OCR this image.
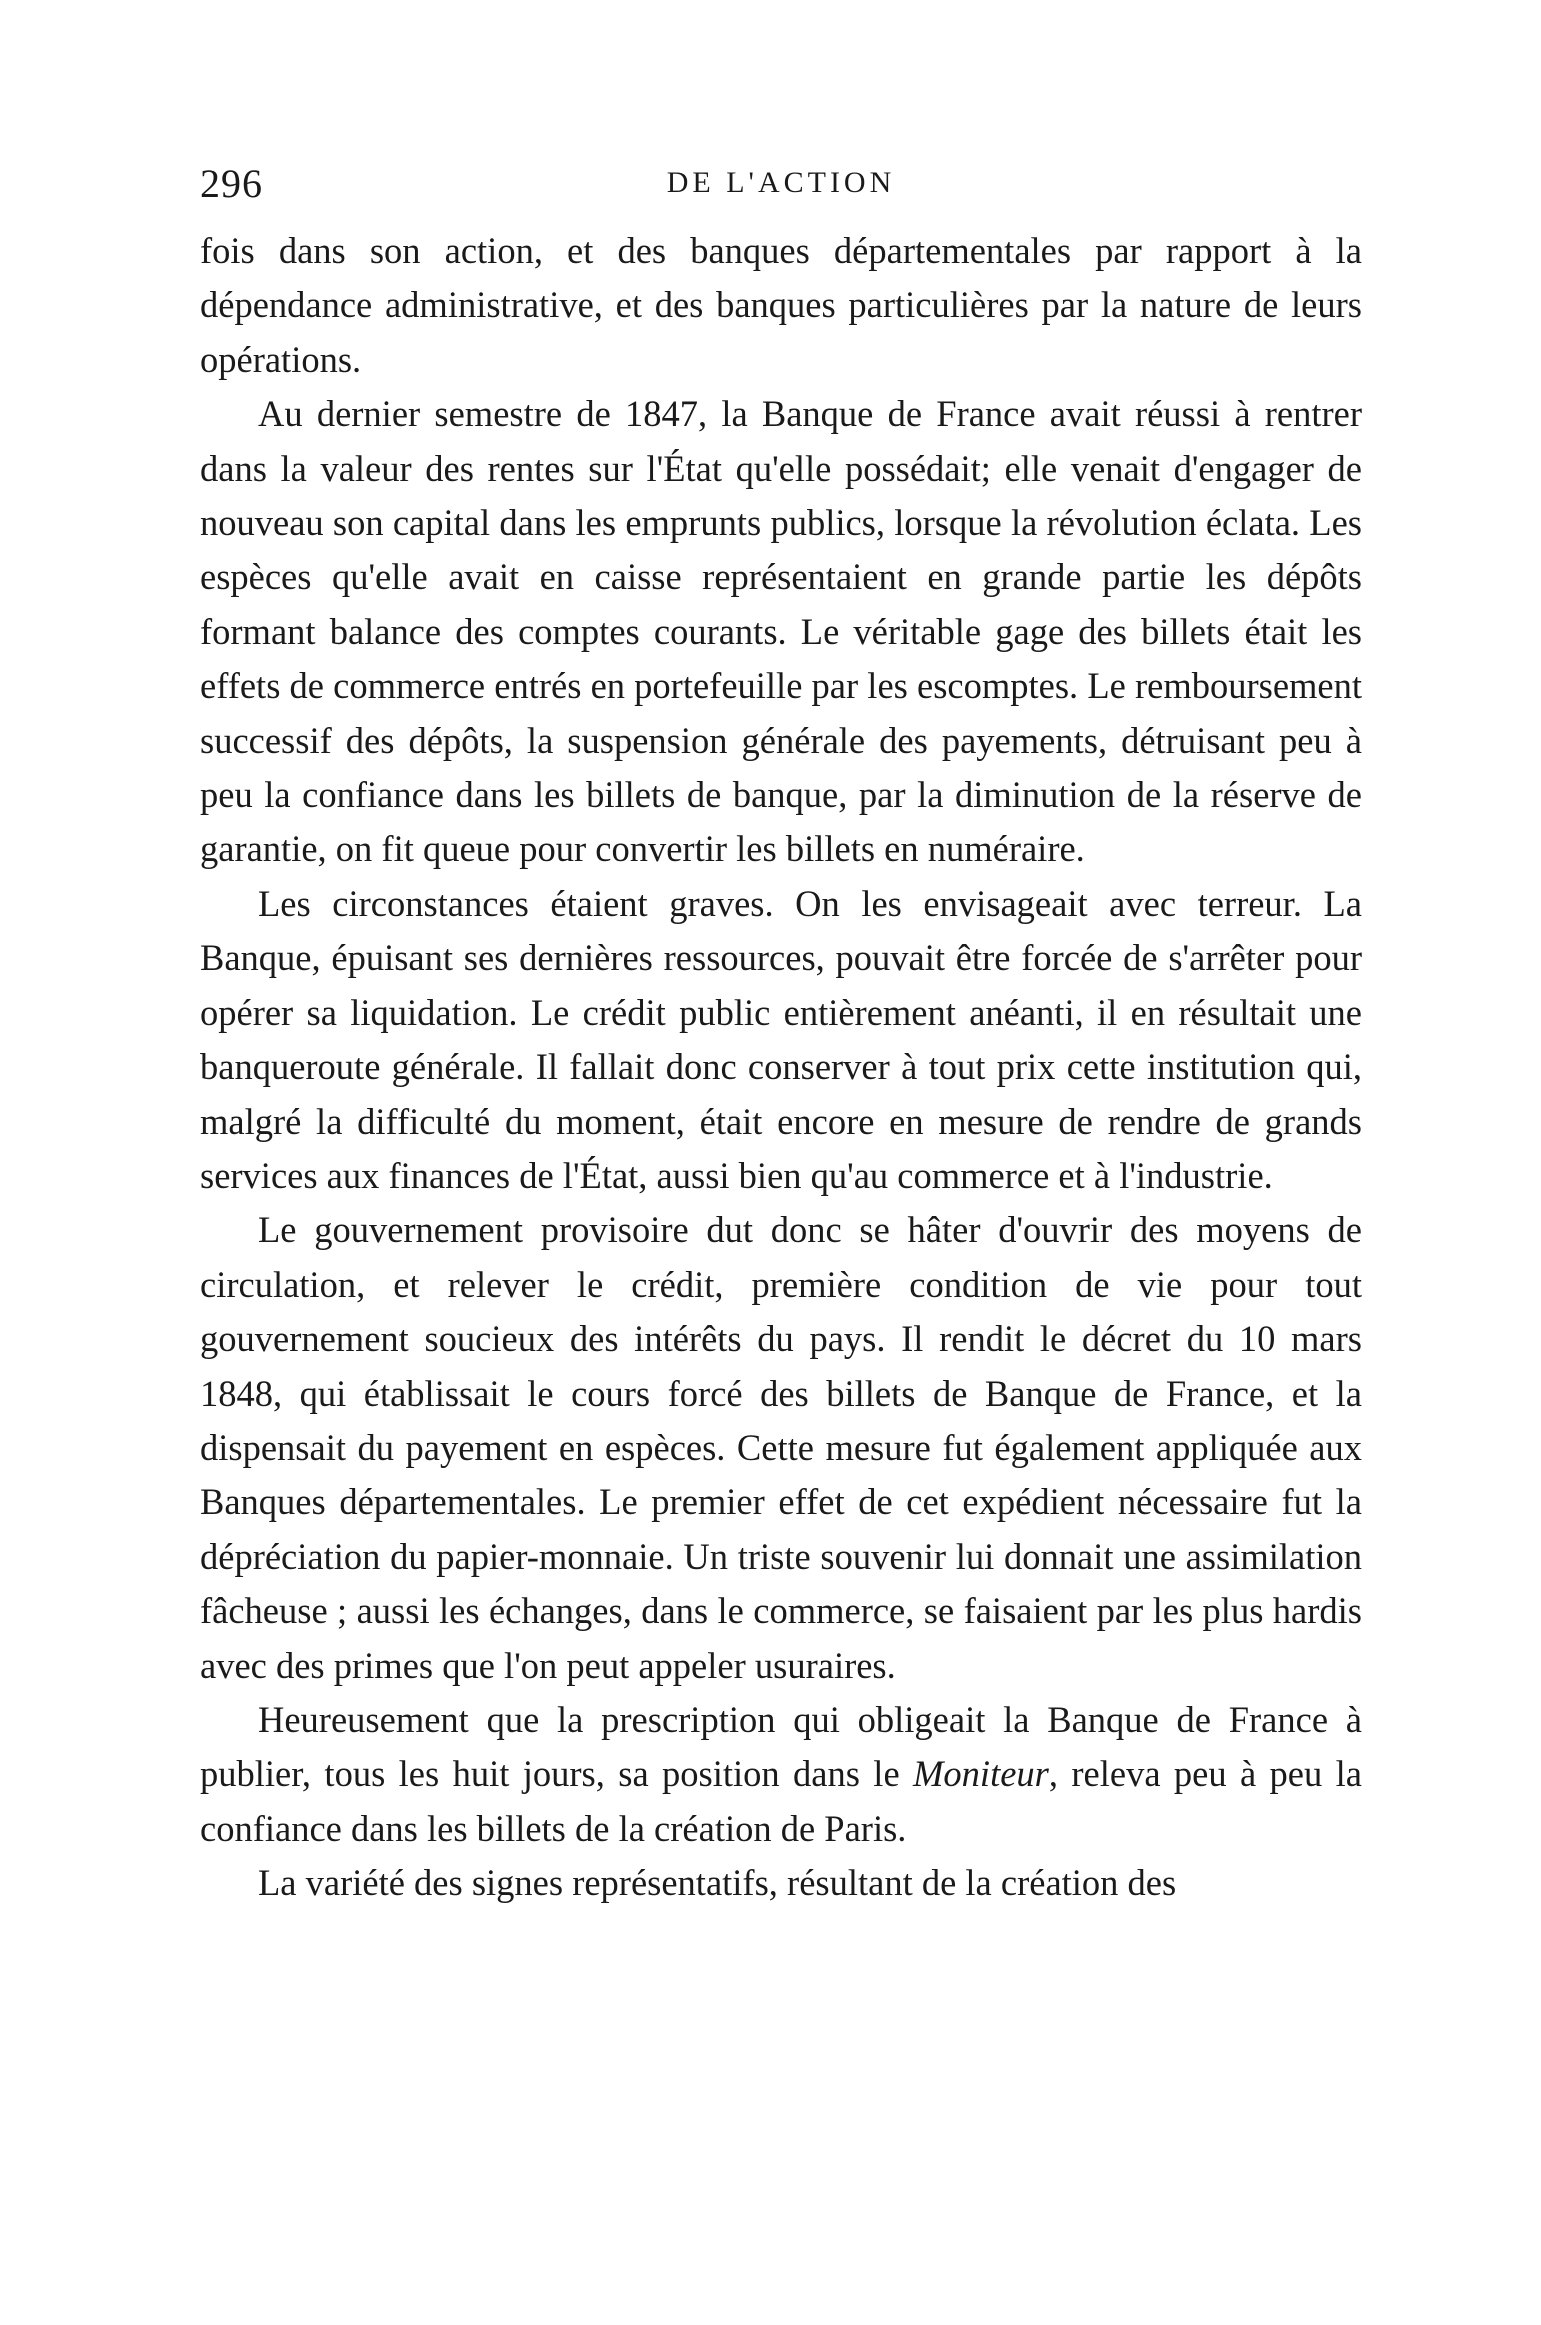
296	DE L'ACTION

fois dans son action, et des banques départementales par rapport à la dépendance administrative, et des banques particulières par la nature de leurs opérations.

Au dernier semestre de 1847, la Banque de France avait réussi à rentrer dans la valeur des rentes sur l'État qu'elle possédait; elle venait d'engager de nouveau son capital dans les emprunts publics, lorsque la révolution éclata. Les espèces qu'elle avait en caisse représentaient en grande partie les dépôts formant balance des comptes courants. Le véritable gage des billets était les effets de commerce entrés en portefeuille par les escomptes. Le remboursement successif des dépôts, la suspension générale des payements, détruisant peu à peu la confiance dans les billets de banque, par la diminution de la réserve de garantie, on fit queue pour convertir les billets en numéraire.

Les circonstances étaient graves. On les envisageait avec terreur. La Banque, épuisant ses dernières ressources, pouvait être forcée de s'arrêter pour opérer sa liquidation. Le crédit public entièrement anéanti, il en résultait une banqueroute générale. Il fallait donc conserver à tout prix cette institution qui, malgré la difficulté du moment, était encore en mesure de rendre de grands services aux finances de l'État, aussi bien qu'au commerce et à l'industrie.

Le gouvernement provisoire dut donc se hâter d'ouvrir des moyens de circulation, et relever le crédit, première condition de vie pour tout gouvernement soucieux des intérêts du pays. Il rendit le décret du 10 mars 1848, qui établissait le cours forcé des billets de Banque de France, et la dispensait du payement en espèces. Cette mesure fut également appliquée aux Banques départementales. Le premier effet de cet expédient nécessaire fut la dépréciation du papier-monnaie. Un triste souvenir lui donnait une assimilation fâcheuse ; aussi les échanges, dans le commerce, se faisaient par les plus hardis avec des primes que l'on peut appeler usuraires.

Heureusement que la prescription qui obligeait la Banque de France à publier, tous les huit jours, sa position dans le Moniteur, releva peu à peu la confiance dans les billets de la création de Paris.

La variété des signes représentatifs, résultant de la création des
